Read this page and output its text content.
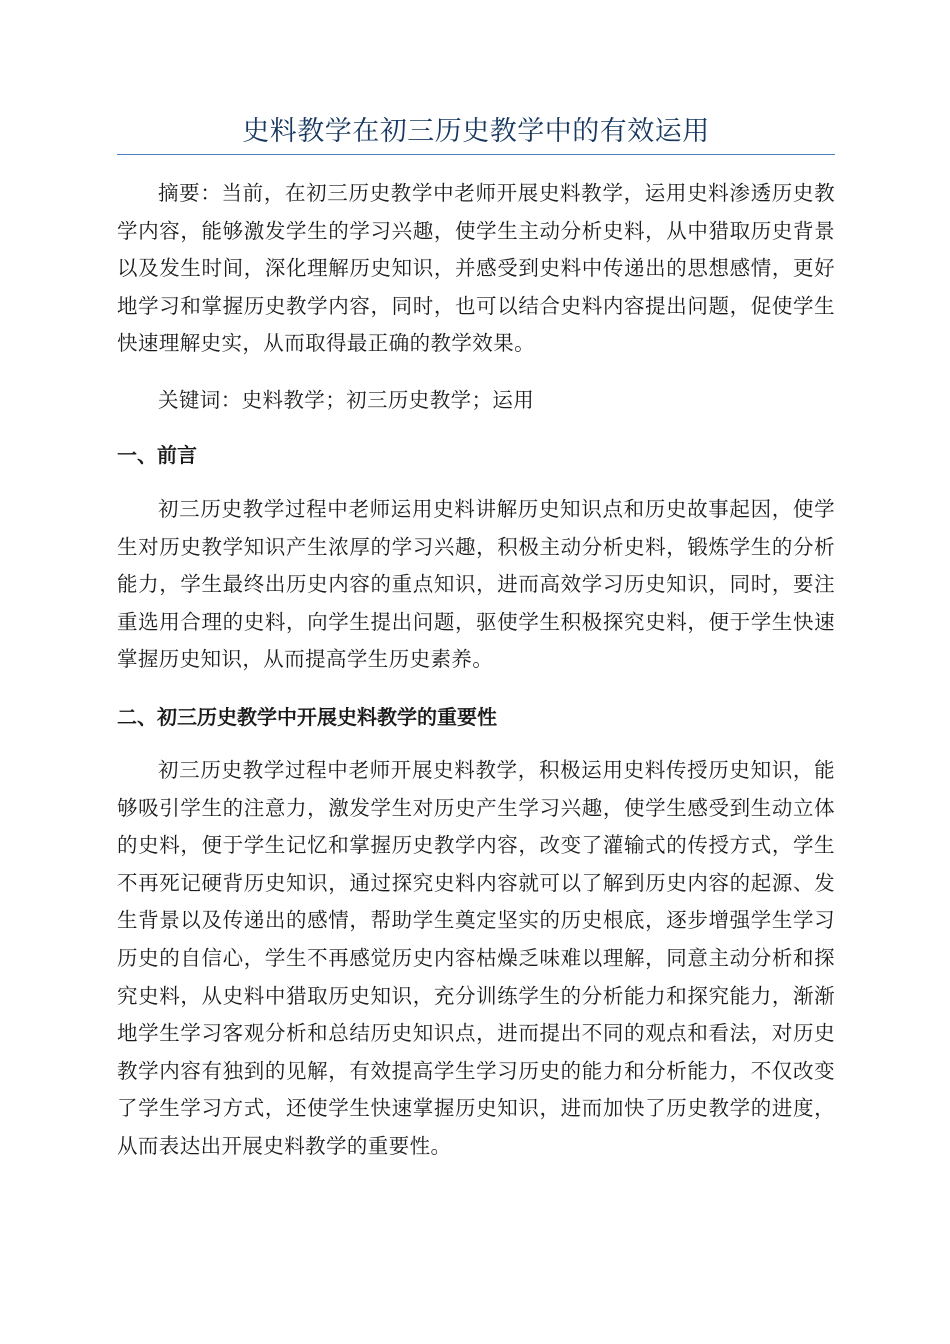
史料教学在初三历史教学中的有效运用

摘要：当前，在初三历史教学中老师开展史料教学，运用史料渗透历史教学内容，能够激发学生的学习兴趣，使学生主动分析史料，从中猎取历史背景以及发生时间，深化理解历史知识，并感受到史料中传递出的思想感情，更好地学习和掌握历史教学内容，同时，也可以结合史料内容提出问题，促使学生快速理解史实，从而取得最正确的教学效果。

关键词：史料教学；初三历史教学；运用

一、前言

初三历史教学过程中老师运用史料讲解历史知识点和历史故事起因，使学生对历史教学知识产生浓厚的学习兴趣，积极主动分析史料，锻炼学生的分析能力，学生最终出历史内容的重点知识，进而高效学习历史知识，同时，要注重选用合理的史料，向学生提出问题，驱使学生积极探究史料，便于学生快速掌握历史知识，从而提高学生历史素养。

二、初三历史教学中开展史料教学的重要性

初三历史教学过程中老师开展史料教学，积极运用史料传授历史知识，能够吸引学生的注意力，激发学生对历史产生学习兴趣，使学生感受到生动立体的史料，便于学生记忆和掌握历史教学内容，改变了灌输式的传授方式，学生不再死记硬背历史知识，通过探究史料内容就可以了解到历史内容的起源、发生背景以及传递出的感情，帮助学生奠定坚实的历史根底，逐步增强学生学习历史的自信心，学生不再感觉历史内容枯燥乏味难以理解，同意主动分析和探究史料，从史料中猎取历史知识，充分训练学生的分析能力和探究能力，渐渐地学生学习客观分析和总结历史知识点，进而提出不同的观点和看法，对历史教学内容有独到的见解，有效提高学生学习历史的能力和分析能力，不仅改变了学生学习方式，还使学生快速掌握历史知识，进而加快了历史教学的进度，从而表达出开展史料教学的重要性。
